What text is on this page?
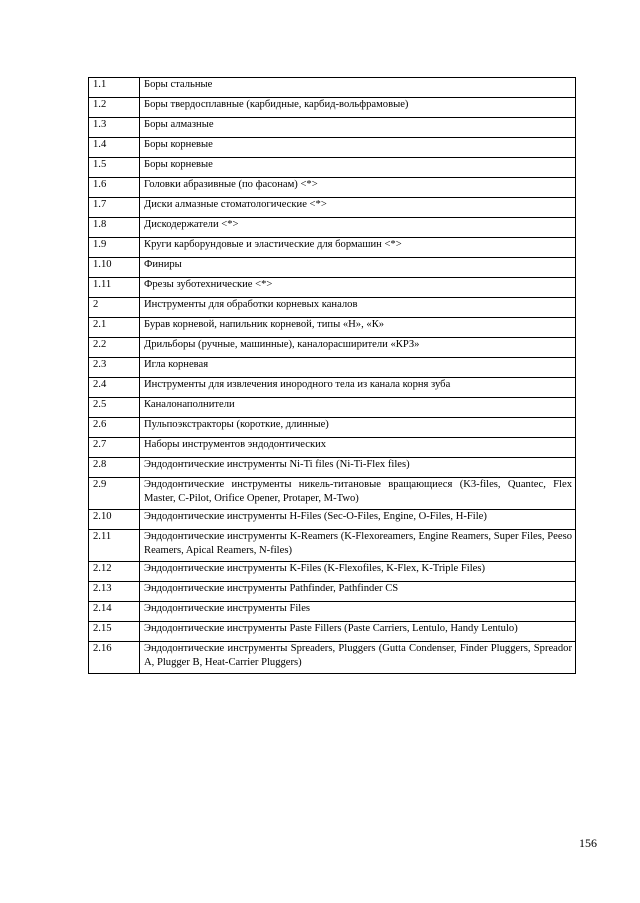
1.1	Боры стальные
1.2	Боры твердосплавные (карбидные, карбид-вольфрамовые)
1.3	Боры алмазные
1.4	Боры корневые
1.5	Боры корневые
1.6	Головки абразивные (по фасонам) <*>
1.7	Диски алмазные стоматологические <*>
1.8	Дискодержатели <*>
1.9	Круги карборундовые и эластические для бормашин <*>
1.10	Финиры
1.11	Фрезы зуботехнические <*>
2	Инструменты для обработки корневых каналов
2.1	Бурав корневой, напильник корневой, типы «Н», «К»
2.2	Дрильборы (ручные, машинные), каналорасширители «КРЗ»
2.3	Игла корневая
2.4	Инструменты для извлечения инородного тела из канала корня зуба
2.5	Каналонаполнители
2.6	Пульпоэкстракторы (короткие, длинные)
2.7	Наборы инструментов эндодонтических
2.8	Эндодонтические инструменты Ni-Ti files (Ni-Ti-Flex files)
2.9	Эндодонтические инструменты никель-титановые вращающиеся (K3-files, Quantec, Flex Master, C-Pilot, Orifice Opener, Protaper, M-Two)
2.10	Эндодонтические инструменты H-Files (Sec-O-Files, Engine, O-Files, H-File)
2.11	Эндодонтические инструменты K-Reamers (K-Flexoreamers, Engine Reamers, Super Files, Peeso Reamers, Apical Reamers, N-files)
2.12	Эндодонтические инструменты K-Files (K-Flexofiles, K-Flex, K-Triple Files)
2.13	Эндодонтические инструменты Pathfinder, Pathfinder CS
2.14	Эндодонтические инструменты Files
2.15	Эндодонтические инструменты Paste Fillers (Paste Carriers, Lentulo, Handy Lentulo)
2.16	Эндодонтические инструменты Spreaders, Pluggers (Gutta Condenser, Finder Pluggers, Spreador A, Plugger B, Heat-Carrier Pluggers)
156
